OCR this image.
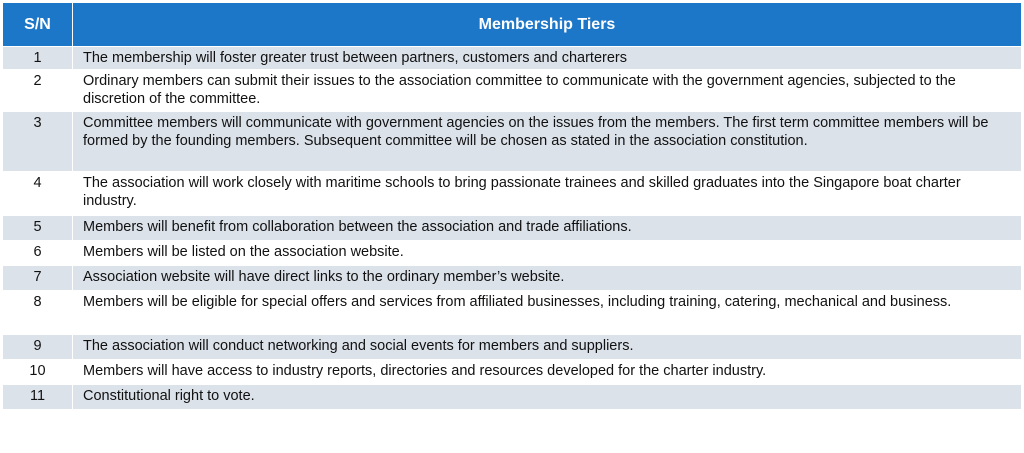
S/N	Membership Tiers
1	The membership will foster greater trust between partners, customers and charterers
2	Ordinary members can submit their issues to the association committee to communicate with the government agencies, subjected to the discretion of the committee.
3	Committee members will communicate with government agencies on the issues from the members. The first term committee members will be formed by the founding members. Subsequent committee will be chosen as stated in the association constitution.
4	The association will work closely with maritime schools to bring passionate trainees and skilled graduates into the Singapore boat charter industry.
5	Members will benefit from collaboration between the association and trade affiliations.
6	Members will be listed on the association website.
7	Association website will have direct links to the ordinary member’s website.
8	Members will be eligible for special offers and services from affiliated businesses, including training, catering, mechanical and business.
9	The association will conduct networking and social events for members and suppliers.
10	Members will have access to industry reports, directories and resources developed for the charter industry.
11	Constitutional right to vote.
